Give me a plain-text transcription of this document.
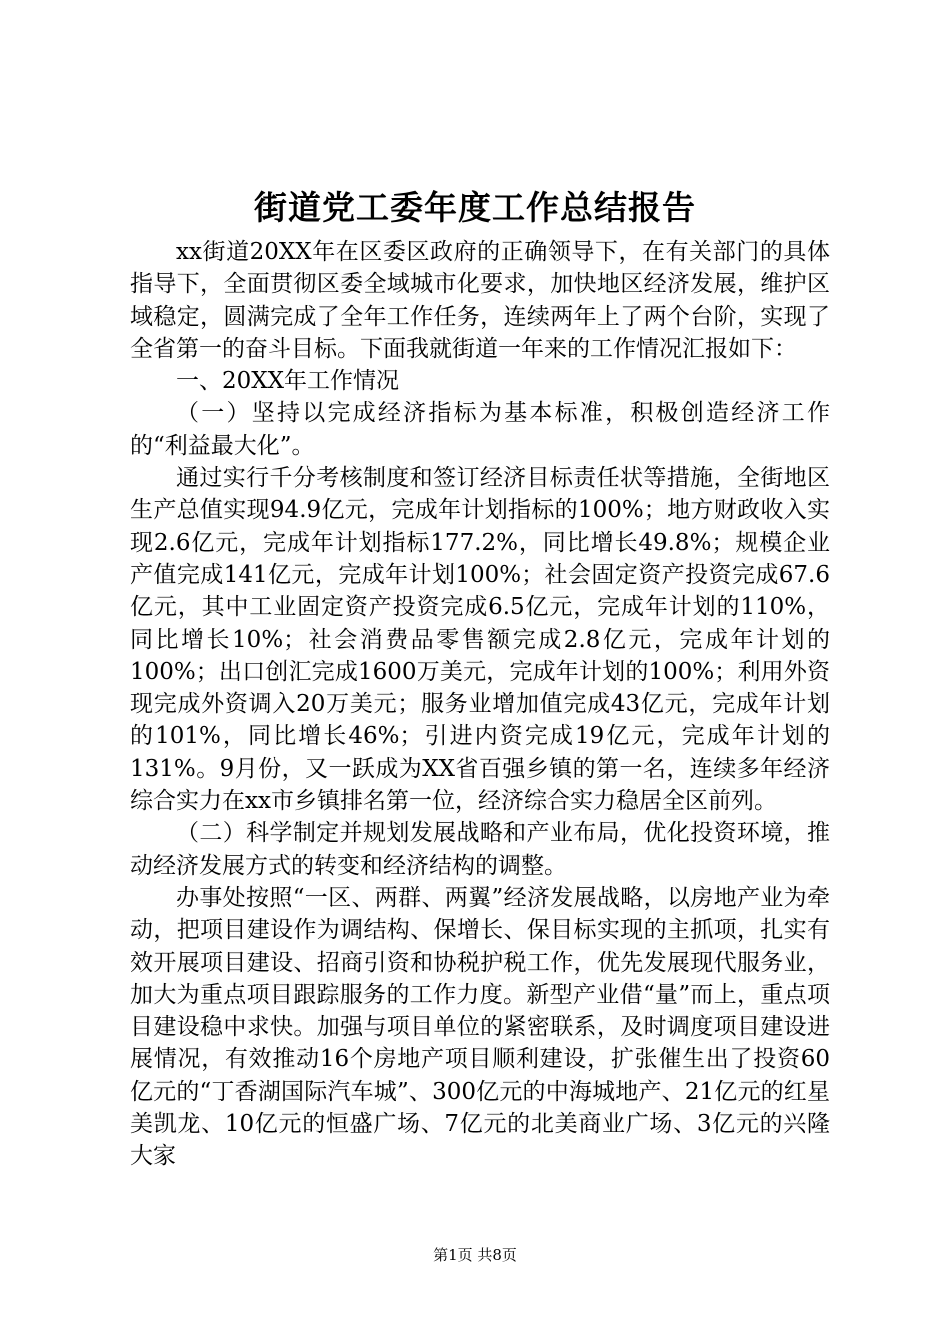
街道党工委年度工作总结报告

xx街道20XX年在区委区政府的正确领导下，在有关部门的具体指导下，全面贯彻区委全域城市化要求，加快地区经济发展，维护区域稳定，圆满完成了全年工作任务，连续两年上了两个台阶，实现了全省第一的奋斗目标。下面我就街道一年来的工作情况汇报如下：

一、20XX年工作情况

（一）坚持以完成经济指标为基本标准，积极创造经济工作的“利益最大化”。

通过实行千分考核制度和签订经济目标责任状等措施，全街地区生产总值实现94.9亿元，完成年计划指标的100%；地方财政收入实现2.6亿元，完成年计划指标177.2%，同比增长49.8%；规模企业产值完成141亿元，完成年计划100%；社会固定资产投资完成67.6亿元，其中工业固定资产投资完成6.5亿元，完成年计划的110%，同比增长10%；社会消费品零售额完成2.8亿元，完成年计划的100%；出口创汇完成1600万美元，完成年计划的100%；利用外资现完成外资调入20万美元；服务业增加值完成43亿元，完成年计划的101%，同比增长46%；引进内资完成19亿元，完成年计划的131%。9月份，又一跃成为XX省百强乡镇的第一名，连续多年经济综合实力在xx市乡镇排名第一位，经济综合实力稳居全区前列。

（二）科学制定并规划发展战略和产业布局，优化投资环境，推动经济发展方式的转变和经济结构的调整。

办事处按照“一区、两群、两翼”经济发展战略，以房地产业为牵动，把项目建设作为调结构、保增长、保目标实现的主抓项，扎实有效开展项目建设、招商引资和协税护税工作，优先发展现代服务业，加大为重点项目跟踪服务的工作力度。新型产业借“量”而上，重点项目建设稳中求快。加强与项目单位的紧密联系，及时调度项目建设进展情况，有效推动16个房地产项目顺利建设，扩张催生出了投资60亿元的“丁香湖国际汽车城”、300亿元的中海城地产、21亿元的红星美凯龙、10亿元的恒盛广场、7亿元的北美商业广场、3亿元的兴隆大家

第1页 共8页
